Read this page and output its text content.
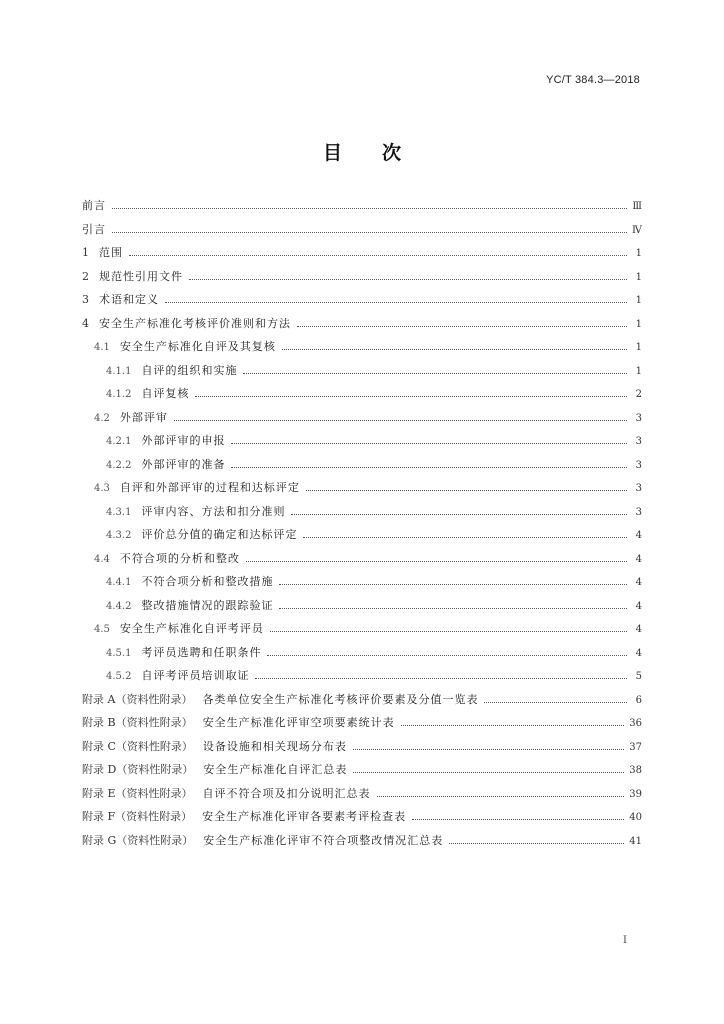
YC/T 384.3—2018
目 次
前言	Ⅲ
引言	Ⅳ
1 范围	1
2 规范性引用文件	1
3 术语和定义	1
4 安全生产标准化考核评价准则和方法	1
4.1 安全生产标准化自评及其复核	1
4.1.1 自评的组织和实施	1
4.1.2 自评复核	2
4.2 外部评审	3
4.2.1 外部评审的申报	3
4.2.2 外部评审的准备	3
4.3 自评和外部评审的过程和达标评定	3
4.3.1 评审内容、方法和扣分准则	3
4.3.2 评价总分值的确定和达标评定	4
4.4 不符合项的分析和整改	4
4.4.1 不符合项分析和整改措施	4
4.4.2 整改措施情况的跟踪验证	4
4.5 安全生产标准化自评考评员	4
4.5.1 考评员选聘和任职条件	4
4.5.2 自评考评员培训取证	5
附录 A（资料性附录） 各类单位安全生产标准化考核评价要素及分值一览表	6
附录 B（资料性附录） 安全生产标准化评审空项要素统计表	36
附录 C（资料性附录） 设备设施和相关现场分布表	37
附录 D（资料性附录） 安全生产标准化自评汇总表	38
附录 E（资料性附录） 自评不符合项及扣分说明汇总表	39
附录 F（资料性附录） 安全生产标准化评审各要素考评检查表	40
附录 G（资料性附录） 安全生产标准化评审不符合项整改情况汇总表	41
I
